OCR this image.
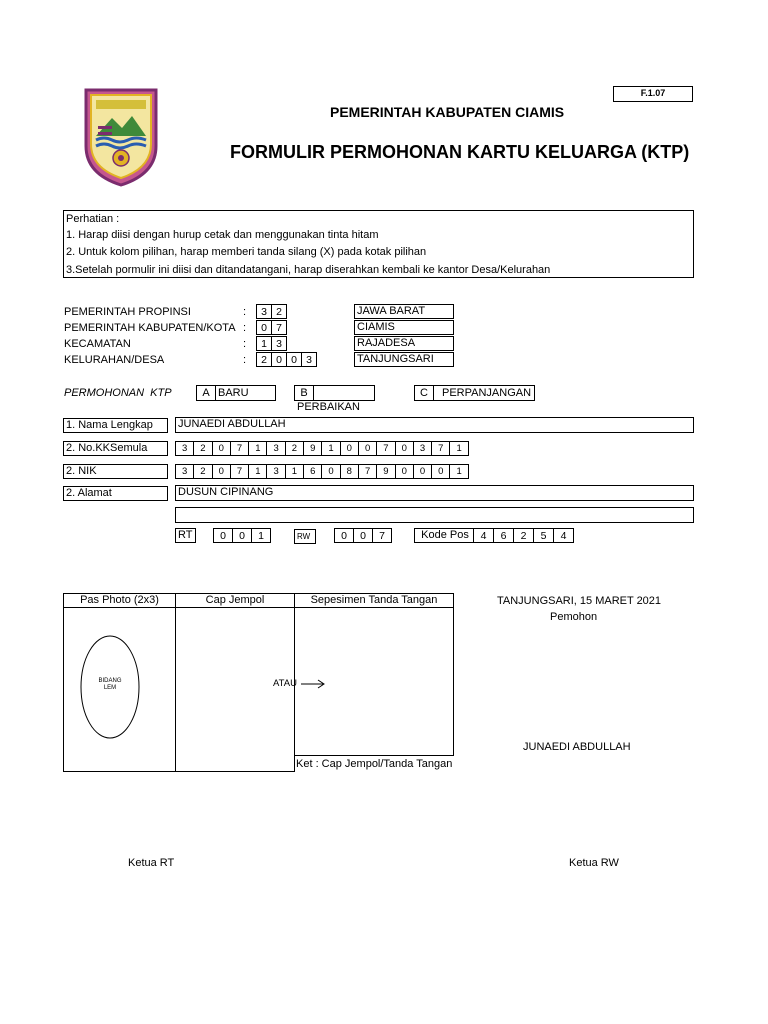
F.1.07
PEMERINTAH KABUPATEN CIAMIS
FORMULIR PERMOHONAN KARTU KELUARGA (KTP)
Perhatian :
1. Harap diisi dengan hurup cetak dan menggunakan tinta hitam
2. Untuk kolom pilihan, harap memberi tanda silang (X) pada kotak pilihan
3.Setelah pormulir ini diisi dan ditandatangani, harap diserahkan kembali ke kantor Desa/Kelurahan
PEMERINTAH PROPINSI	:	3 2	JAWA BARAT
PEMERINTAH KABUPATEN/KOTA :	0 7	CIAMIS
KECAMATAN	:	1 3	RAJADESA
KELURAHAN/DESA	:	2 0 0 3	TANJUNGSARI
PERMOHONAN  KTP	A BARU	BPERBAIKAN
C PERPANJANGAN
1. Nama Lengkap	JUNAEDI ABDULLAH
2. No.KKSemula	3	2	0	7	1	3	2	9	1	0	0	7	0	3	7	1
2. NIK	3	2	0	7	1	3	1	6	0	8	7	9	0	0	0	1
2. Alamat	DUSUN CIPINANG
RT	0	0	1	RW	0	0	7	Kode Pos	4	6	2	5	4
Pas Photo (2x3)	Cap Jempol	Sepesimen Tanda Tangan
BIDANG
LEM	ATAU
Ket : Cap Jempol/Tanda Tangan
TANJUNGSARI, 15 MARET 2021
Pemohon
JUNAEDI ABDULLAH
Ketua RT	Ketua RW
